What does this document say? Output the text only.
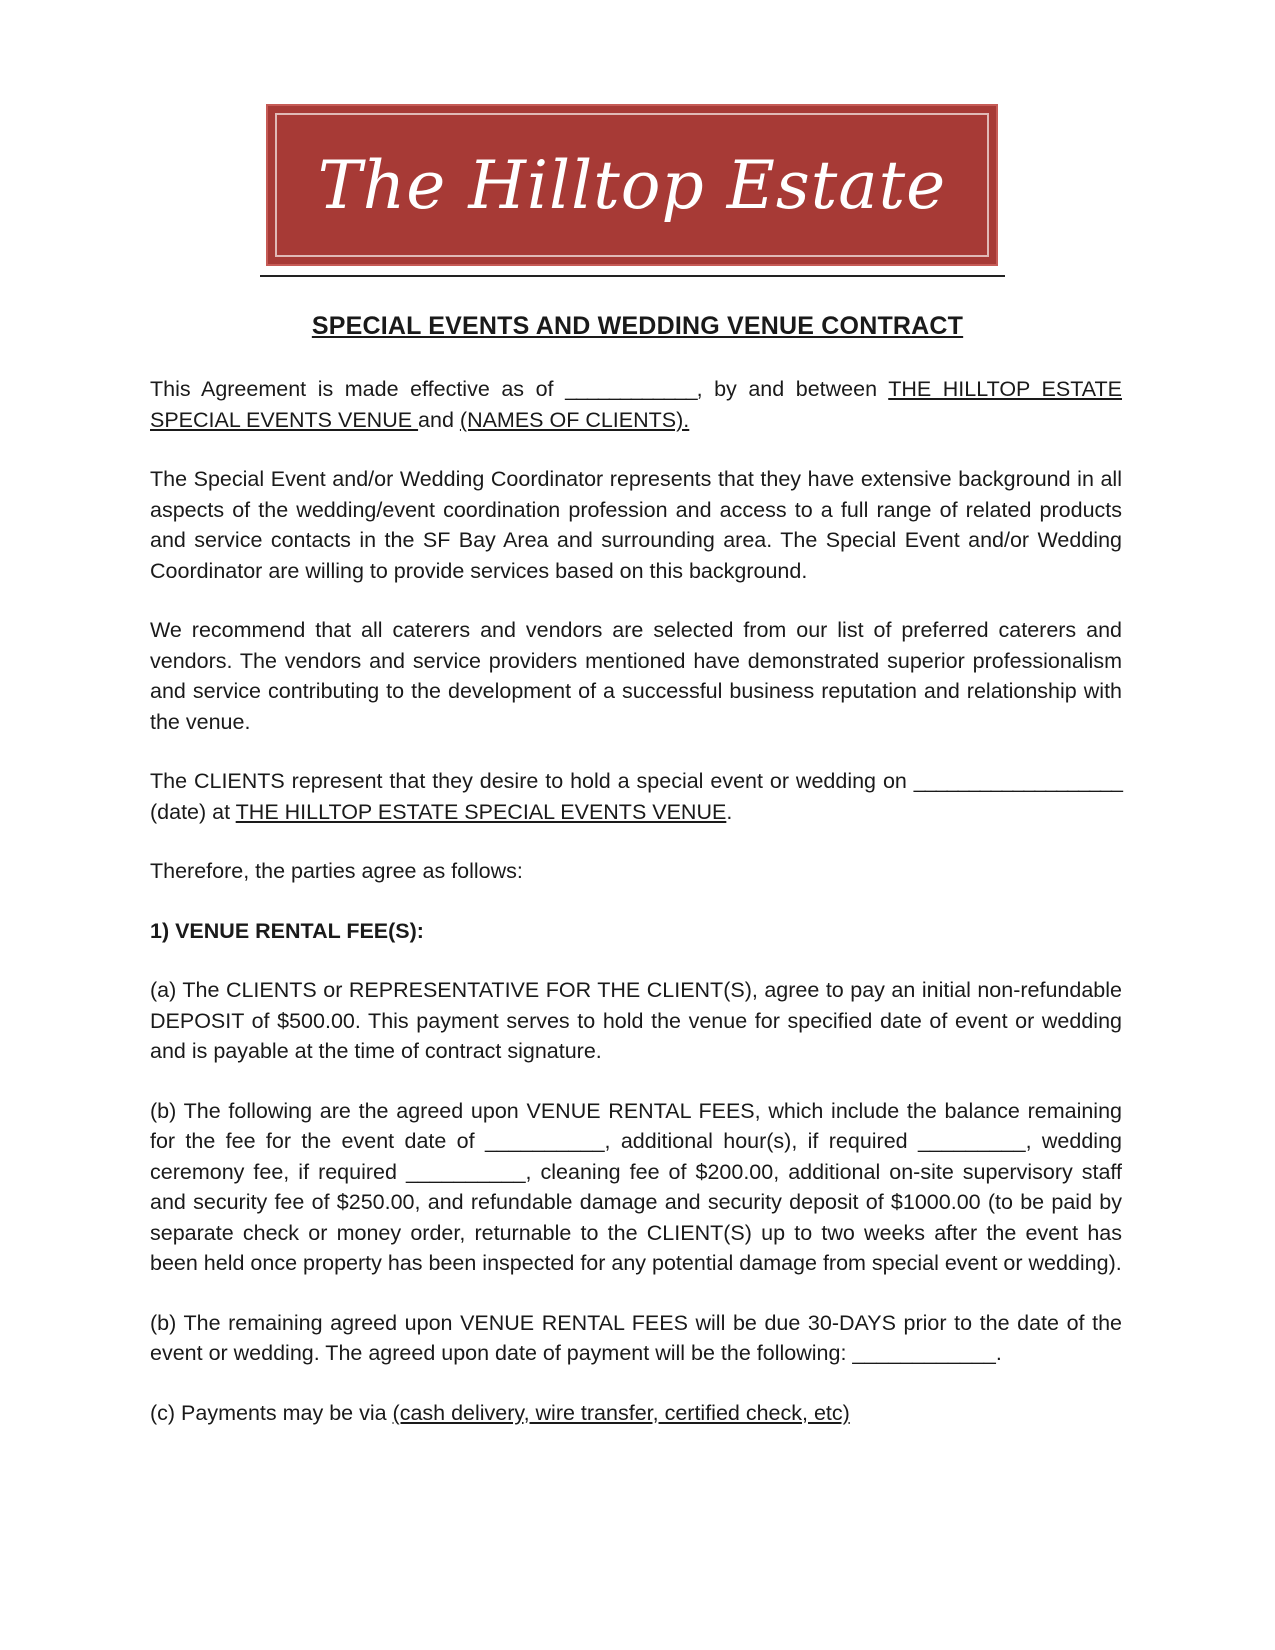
The Hilltop Estate
SPECIAL EVENTS AND WEDDING VENUE CONTRACT

This Agreement is made effective as of ____________, by and between THE HILLTOP ESTATE SPECIAL EVENTS VENUE and (NAMES OF CLIENTS).

The Special Event and/or Wedding Coordinator represents that they have extensive background in all aspects of the wedding/event coordination profession and access to a full range of related products and service contacts in the SF Bay Area and surrounding area. The Special Event and/or Wedding Coordinator are willing to provide services based on this background.

We recommend that all caterers and vendors are selected from our list of preferred caterers and vendors. The vendors and service providers mentioned have demonstrated superior professionalism and service contributing to the development of a successful business reputation and relationship with the venue.

The CLIENTS represent that they desire to hold a special event or wedding on ___________________ (date) at THE HILLTOP ESTATE SPECIAL EVENTS VENUE.

Therefore, the parties agree as follows:

1) VENUE RENTAL FEE(S):

(a) The CLIENTS or REPRESENTATIVE FOR THE CLIENT(S), agree to pay an initial non-refundable DEPOSIT of $500.00. This payment serves to hold the venue for specified date of event or wedding and is payable at the time of contract signature.

(b) The following are the agreed upon VENUE RENTAL FEES, which include the balance remaining for the fee for the event date of __________, additional hour(s), if required _________, wedding ceremony fee, if required __________, cleaning fee of $200.00, additional on-site supervisory staff and security fee of $250.00, and refundable damage and security deposit of $1000.00 (to be paid by separate check or money order, returnable to the CLIENT(S) up to two weeks after the event has been held once property has been inspected for any potential damage from special event or wedding).

(b) The remaining agreed upon VENUE RENTAL FEES will be due 30-DAYS prior to the date of the event or wedding. The agreed upon date of payment will be the following: ____________.

(c) Payments may be via (cash delivery, wire transfer, certified check, etc)
